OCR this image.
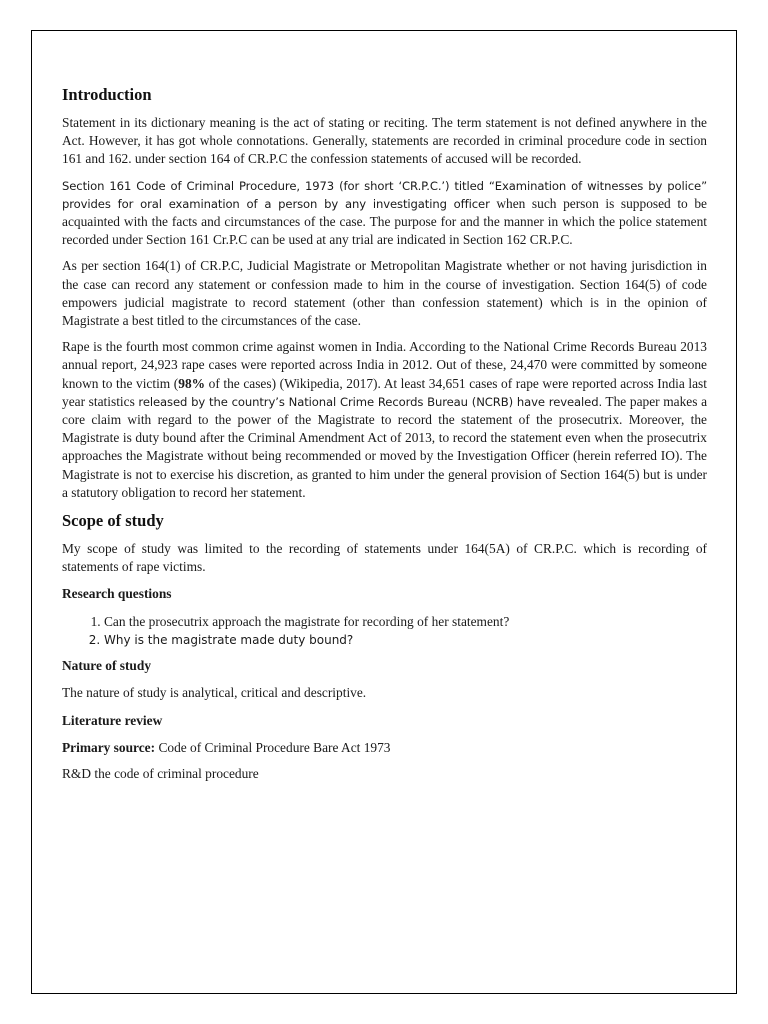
Introduction

Statement in its dictionary meaning is the act of stating or reciting. The term statement is not defined anywhere in the Act. However, it has got whole connotations. Generally, statements are recorded in criminal procedure code in section 161 and 162. under section 164 of CR.P.C the confession statements of accused will be recorded.

Section 161 Code of Criminal Procedure, 1973 (for short ‘CR.P.C.’) titled “Examination of witnesses by police” provides for oral examination of a person by any investigating officer when such person is supposed to be acquainted with the facts and circumstances of the case. The purpose for and the manner in which the police statement recorded under Section 161 Cr.P.C can be used at any trial are indicated in Section 162 CR.P.C.

As per section 164(1) of CR.P.C, Judicial Magistrate or Metropolitan Magistrate whether or not having jurisdiction in the case can record any statement or confession made to him in the course of investigation. Section 164(5) of code empowers judicial magistrate to record statement (other than confession statement) which is in the opinion of Magistrate a best titled to the circumstances of the case.

Rape is the fourth most common crime against women in India. According to the National Crime Records Bureau 2013 annual report, 24,923 rape cases were reported across India in 2012. Out of these, 24,470 were committed by someone known to the victim (98% of the cases) (Wikipedia, 2017). At least 34,651 cases of rape were reported across India last year statistics released by the country’s National Crime Records Bureau (NCRB) have revealed. The paper makes a core claim with regard to the power of the Magistrate to record the statement of the prosecutrix. Moreover, the Magistrate is duty bound after the Criminal Amendment Act of 2013, to record the statement even when the prosecutrix approaches the Magistrate without being recommended or moved by the Investigation Officer (herein referred IO). The Magistrate is not to exercise his discretion, as granted to him under the general provision of Section 164(5) but is under a statutory obligation to record her statement.

Scope of study

My scope of study was limited to the recording of statements under 164(5A) of CR.P.C. which is recording of statements of rape victims.

Research questions
1. Can the prosecutrix approach the magistrate for recording of her statement?
2. Why is the magistrate made duty bound?
Nature of study

The nature of study is analytical, critical and descriptive.

Literature review

Primary source: Code of Criminal Procedure Bare Act 1973

R&D the code of criminal procedure
